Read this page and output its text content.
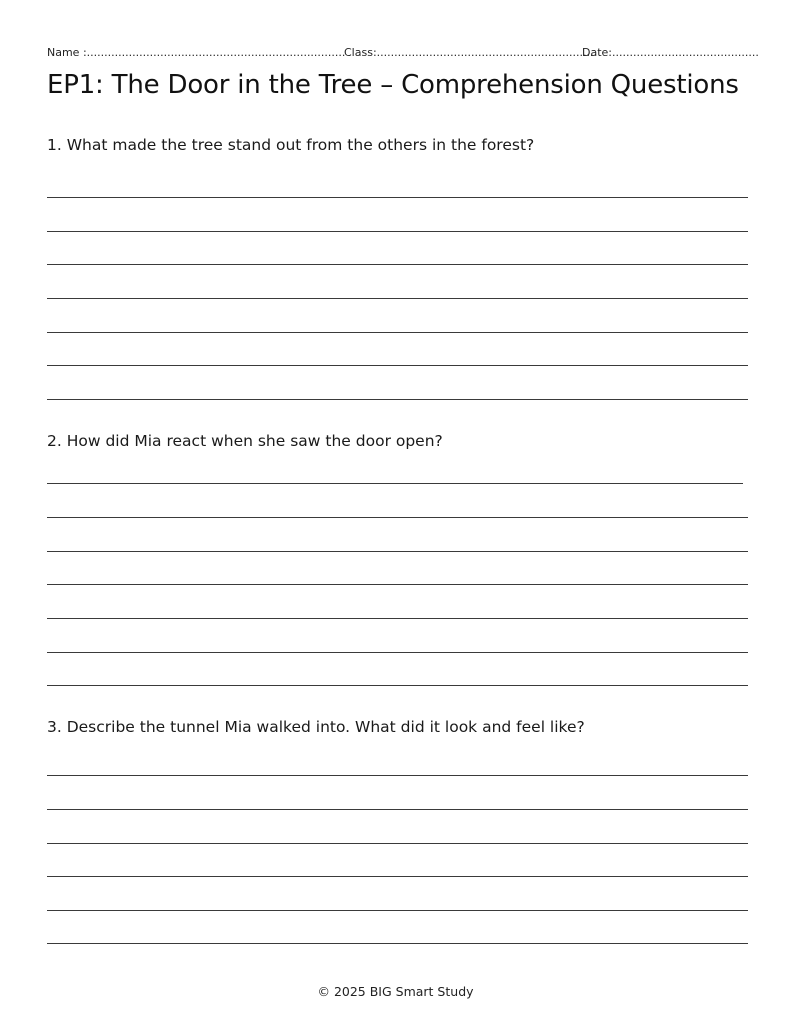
Name :..........................................................................
Class:..............................................................
Date:..........................................
EP1: The Door in the Tree – Comprehension Questions

1. What made the tree stand out from the others in the forest?

2. How did Mia react when she saw the door open?

3. Describe the tunnel Mia walked into. What did it look and feel like?

© 2025 BIG Smart Study
